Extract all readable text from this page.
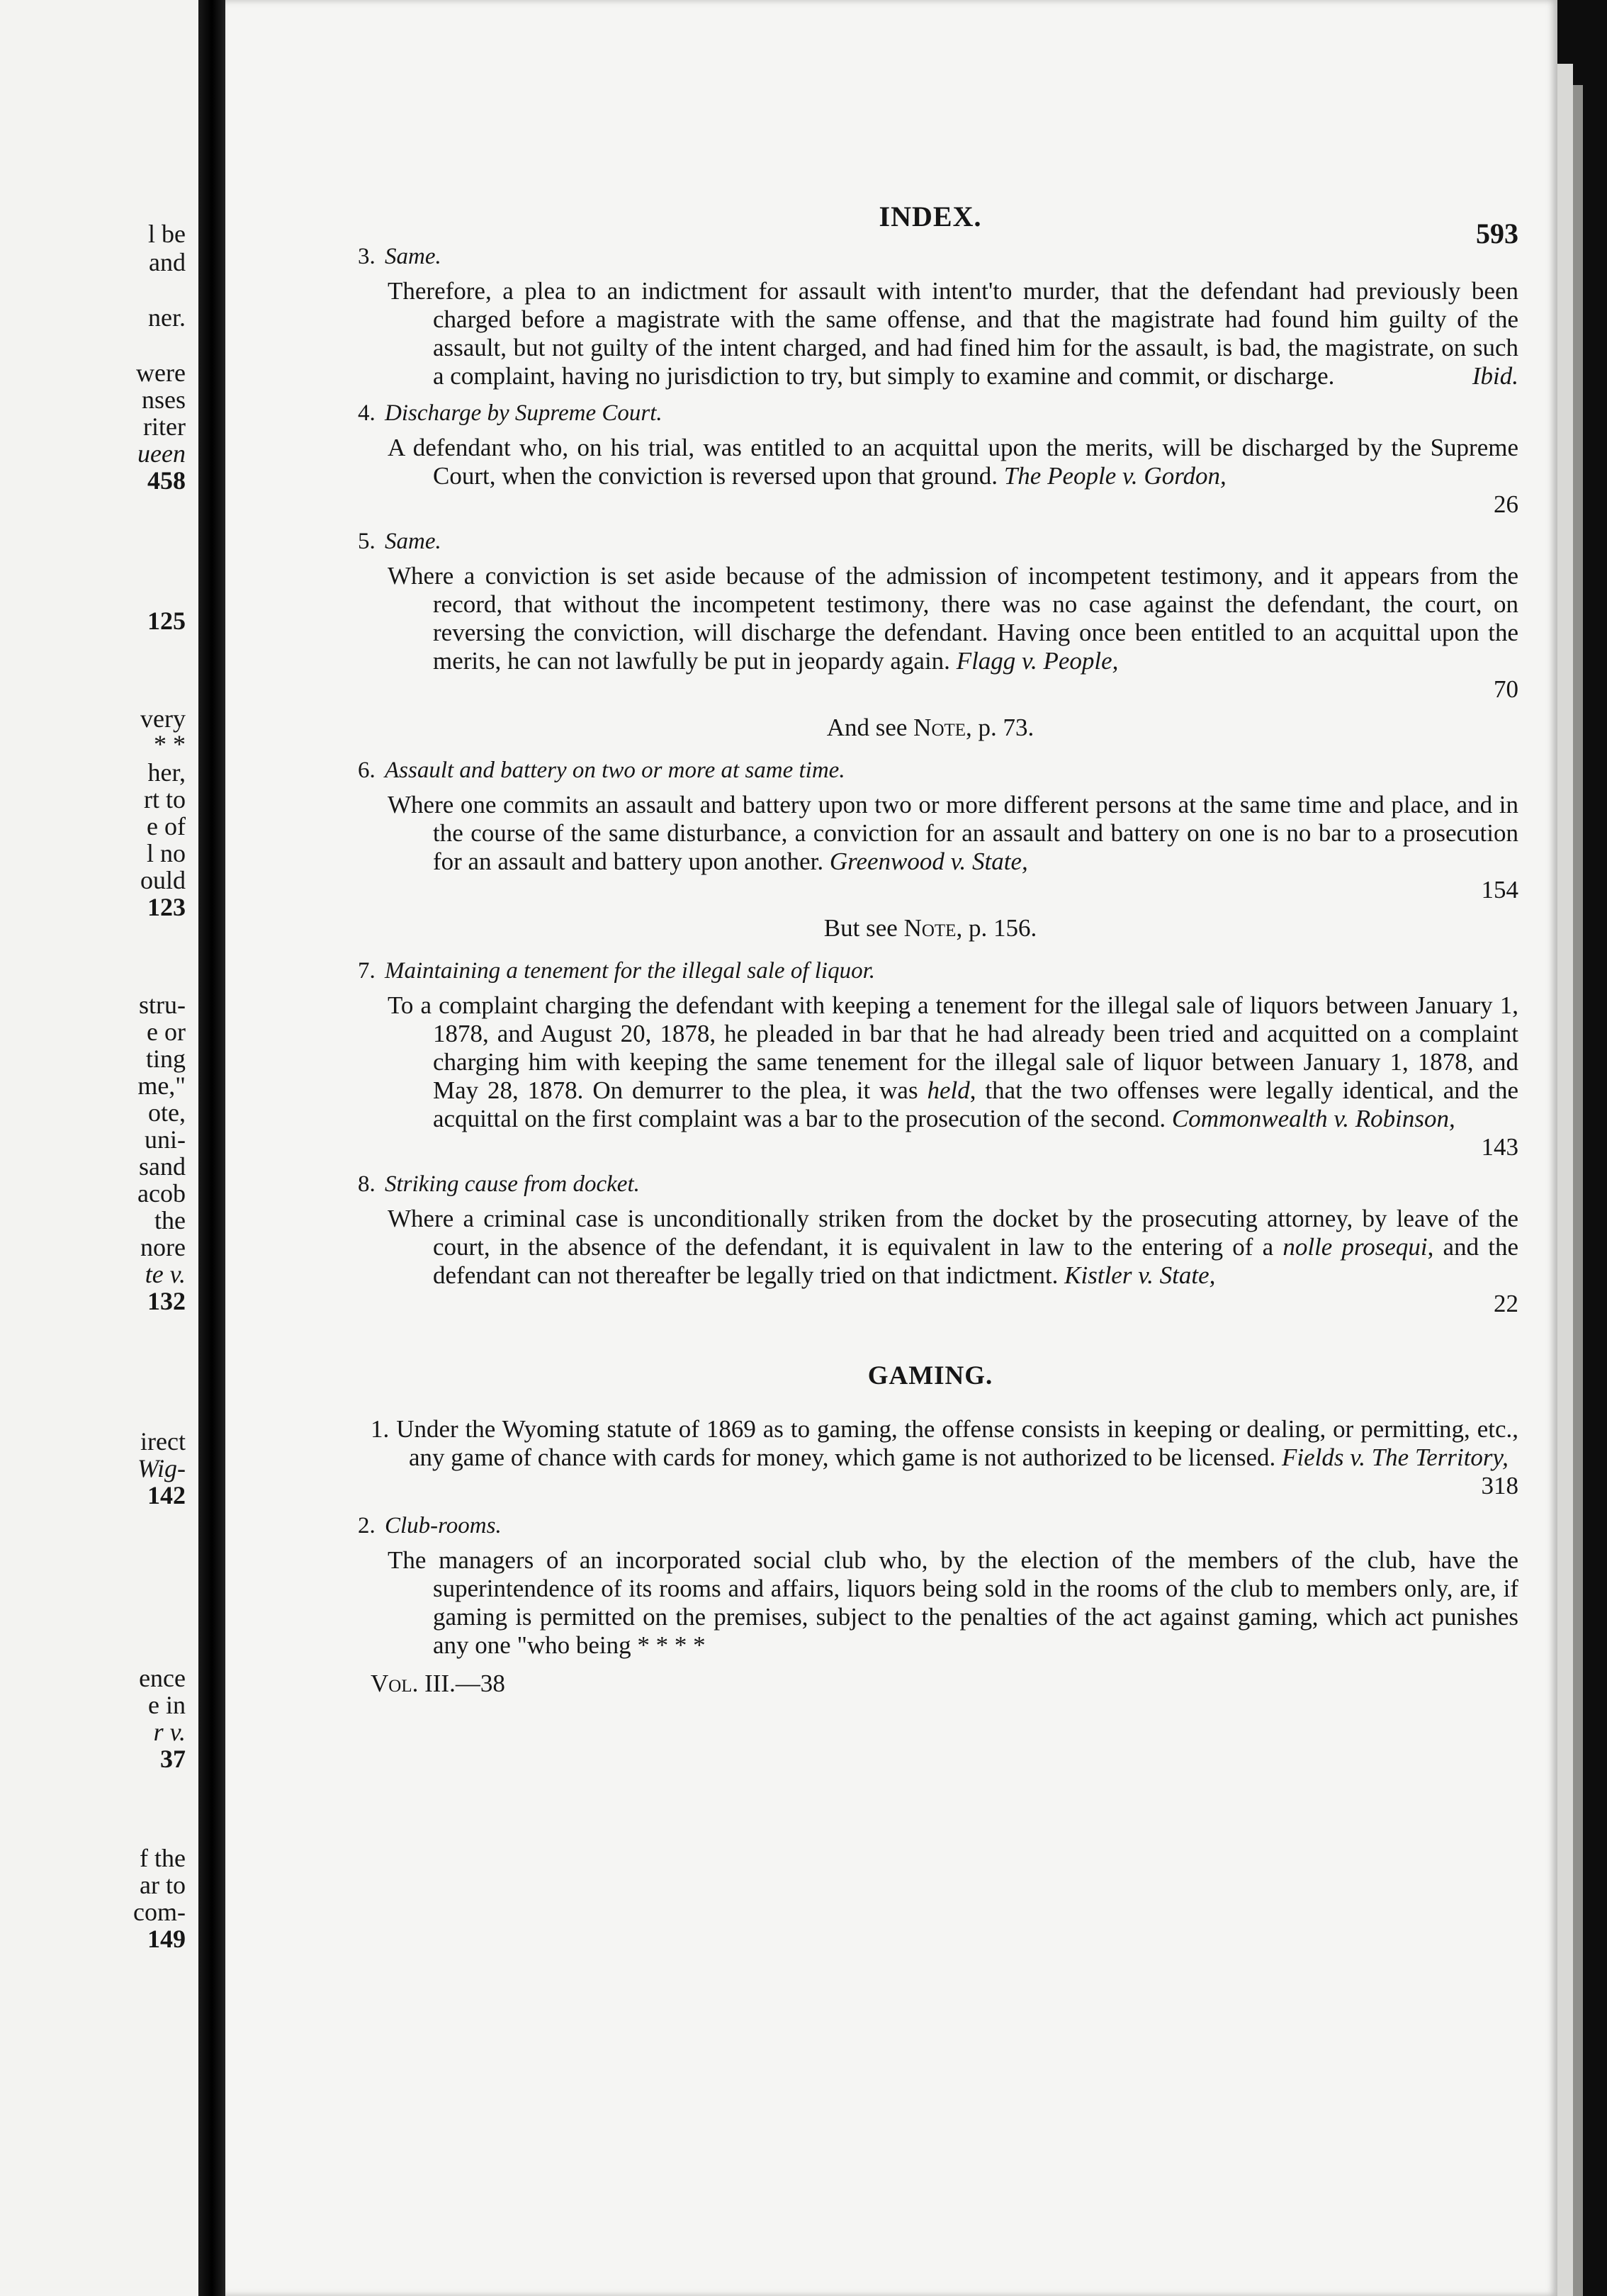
l be
and
ner.
were
nses
riter
ueen
458
125
very
* *
her,
rt to
e of
l no
ould
123
stru-
e or
ting
me,"
ote,
uni-
sand
acob
the
nore
te v.
132
irect
Wig-
142
ence
e in
r v.
37
f the
ar to
com-
149
INDEX.
593
3. Same.
Therefore, a plea to an indictment for assault with intent'to murder, that the defendant had previously been charged before a magistrate with the same offense, and that the magistrate had found him guilty of the assault, but not guilty of the intent charged, and had fined him for the assault, is bad, the magistrate, on such a complaint, having no jurisdiction to try, but simply to examine and commit, or discharge.	Ibid.
4. Discharge by Supreme Court.
A defendant who, on his trial, was entitled to an acquittal upon the merits, will be discharged by the Supreme Court, when the conviction is reversed upon that ground. The People v. Gordon,
26
5. Same.
Where a conviction is set aside because of the admission of incompetent testimony, and it appears from the record, that without the incompetent testimony, there was no case against the defendant, the court, on reversing the conviction, will discharge the defendant. Having once been entitled to an acquittal upon the merits, he can not lawfully be put in jeopardy again. Flagg v. People,
70
And see Note, p. 73.
6. Assault and battery on two or more at same time.
Where one commits an assault and battery upon two or more different persons at the same time and place, and in the course of the same disturbance, a conviction for an assault and battery on one is no bar to a prosecution for an assault and battery upon another. Greenwood v. State,
154
But see Note, p. 156.
7. Maintaining a tenement for the illegal sale of liquor.
To a complaint charging the defendant with keeping a tenement for the illegal sale of liquors between January 1, 1878, and August 20, 1878, he pleaded in bar that he had already been tried and acquitted on a complaint charging him with keeping the same tenement for the illegal sale of liquor between January 1, 1878, and May 28, 1878. On demurrer to the plea, it was held, that the two offenses were legally identical, and the acquittal on the first complaint was a bar to the prosecution of the second. Commonwealth v. Robinson,
143
8. Striking cause from docket.
Where a criminal case is unconditionally striken from the docket by the prosecuting attorney, by leave of the court, in the absence of the defendant, it is equivalent in law to the entering of a nolle prosequi, and the defendant can not thereafter be legally tried on that indictment. Kistler v. State,
22
GAMING.
1. Under the Wyoming statute of 1869 as to gaming, the offense consists in keeping or dealing, or permitting, etc., any game of chance with cards for money, which game is not authorized to be licensed. Fields v. The Territory,
318
2. Club-rooms.
The managers of an incorporated social club who, by the election of the members of the club, have the superintendence of its rooms and affairs, liquors being sold in the rooms of the club to members only, are, if gaming is permitted on the premises, subject to the penalties of the act against gaming, which act punishes any one "who being * * * *
Vol. III.—38
